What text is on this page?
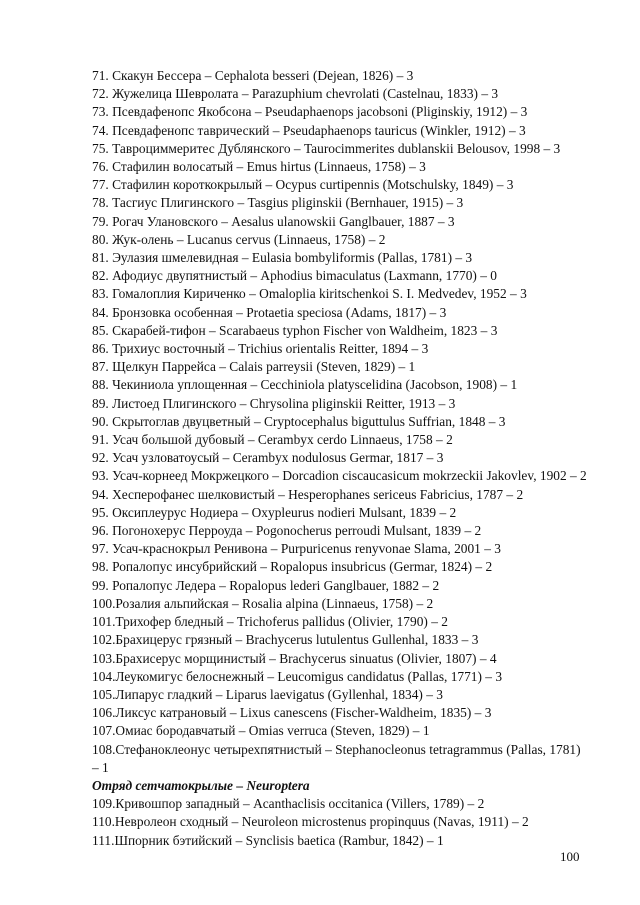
71. Скакун Бессера – Cephalota besseri (Dejean, 1826) – 3

72. Жужелица Шевролата – Parazuphium chevrolati (Castelnau, 1833) – 3

73. Псевдафенопс Якобсона – Pseudaphaenops jacobsoni (Pliginskiy, 1912) – 3

74. Псевдафенопс таврический – Pseudaphaenops tauricus (Winkler, 1912) – 3

75. Тавроциммеритес Дублянского – Taurocimmerites dublanskii Belousov, 1998 – 3

76. Стафилин волосатый – Emus hirtus (Linnaeus, 1758) – 3

77. Стафилин короткокрылый – Ocypus curtipennis (Motschulsky, 1849) – 3

78. Тасгиус Плигинского – Tasgius pliginskii (Bernhauer, 1915) – 3

79. Рогач Улановского – Aesalus ulanowskii Ganglbauer, 1887 – 3

80. Жук-олень – Lucanus cervus (Linnaeus, 1758) – 2

81. Эулазия шмелевидная – Eulasia bombyliformis (Pallas, 1781) – 3

82. Афодиус двупятнистый – Aphodius bimaculatus (Laxmann, 1770) – 0

83. Гомалоплия Кириченко – Omaloplia kiritschenkoi S. I. Medvedev, 1952 – 3

84. Бронзовка особенная – Protaetia speciosa (Adams, 1817) – 3

85. Скарабей-тифон – Scarabaeus typhon Fischer von Waldheim, 1823 – 3

86. Трихиус восточный – Trichius orientalis Reitter, 1894 – 3

87. Щелкун Паррейса – Calais parreysii (Steven, 1829) – 1

88. Чекиниола уплощенная – Cecchiniola platyscelidina (Jacobson, 1908) – 1

89. Листоед Плигинского – Chrysolina pliginskii Reitter, 1913 – 3

90. Скрытоглав двуцветный – Cryptocephalus biguttulus Suffrian, 1848 – 3

91. Усач большой дубовый – Cerambyx cerdo Linnaeus, 1758 – 2

92. Усач узловатоусый – Cerambyx nodulosus Germar, 1817 – 3

93. Усач-корнеед Мокржецкого – Dorcadion ciscaucasicum mokrzeckii Jakovlev, 1902 – 2

94. Хесперофанес шелковистый – Hesperophanes sericeus Fabricius, 1787 – 2

95. Оксиплеурус Нодиера – Oxypleurus nodieri Mulsant, 1839 – 2

96. Погонохерус Перроуда – Pogonocherus perroudi Mulsant, 1839 – 2

97. Усач-краснокрыл Ренивона – Purpuricenus renyvonae Slama, 2001 – 3

98. Ропалопус инсубрийский – Ropalopus insubricus (Germar, 1824) – 2

99. Ропалопус Ледера – Ropalopus lederi Ganglbauer, 1882 – 2

100.Розалия альпийская – Rosalia alpina (Linnaeus, 1758) – 2

101.Трихофер бледный – Trichoferus pallidus (Olivier, 1790) – 2

102.Брахицерус грязный – Brachycerus lutulentus Gullenhal, 1833 – 3

103.Брахисерус морщинистый – Brachycerus sinuatus (Olivier, 1807) – 4

104.Леукомигус белоснежный – Leucomigus candidatus (Pallas, 1771) – 3

105.Липарус гладкий – Liparus laevigatus (Gyllenhal, 1834) – 3

106.Ликсус катрановый – Lixus canescens (Fischer-Waldheim, 1835) – 3

107.Омиас бородавчатый – Omias verruca (Steven, 1829) – 1

108.Стефаноклеонус четырехпятнистый – Stephanocleonus tetragrammus (Pallas, 1781) – 1

Отряд сетчатокрылые – Neuroptera

109.Кривошпор западный – Acanthaclisis occitanica (Villers, 1789) – 2

110.Невролеон сходный – Neuroleon microstenus propinquus (Navas, 1911) – 2

111.Шпорник бэтийский – Synclisis baetica (Rambur, 1842) – 1

100
